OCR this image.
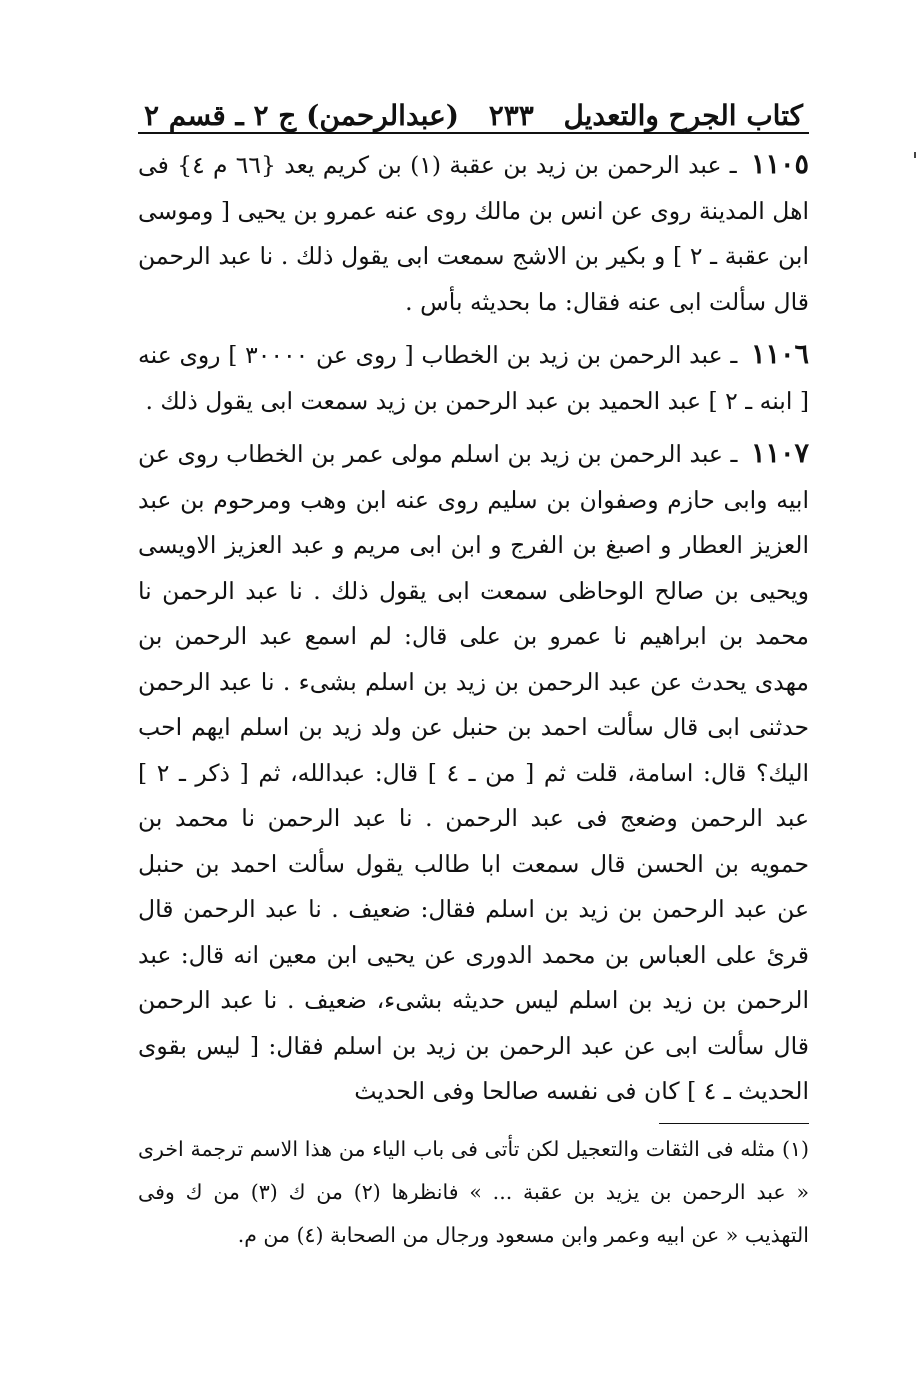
كتاب الجرح والتعديل
٢٣٣
(عبدالرحمن) ج ٢ ـ قسم ٢

١١٠٥ ـ عبد الرحمن بن زيد بن عقبة (١) بن كريم يعد {٦٦ م ٤} فى اهل المدينة روى عن انس بن مالك روى عنه عمرو بن يحيى [ وموسى ابن عقبة ـ ٢ ] و بكير بن الاشج سمعت ابى يقول ذلك . نا عبد الرحمن قال سألت ابى عنه فقال: ما بحديثه بأس .

١١٠٦ ـ عبد الرحمن بن زيد بن الخطاب [ روى عن ٣٠٠٠٠ ] روى عنه [ ابنه ـ ٢ ] عبد الحميد بن عبد الرحمن بن زيد سمعت ابى يقول ذلك .

١١٠٧ ـ عبد الرحمن بن زيد بن اسلم مولى عمر بن الخطاب روى عن ابيه وابى حازم وصفوان بن سليم روى عنه ابن وهب ومرحوم بن عبد العزيز العطار و اصبغ بن الفرج و ابن ابى مريم و عبد العزيز الاويسى ويحيى بن صالح الوحاظى سمعت ابى يقول ذلك . نا عبد الرحمن نا محمد بن ابراهيم نا عمرو بن على قال: لم اسمع عبد الرحمن بن مهدى يحدث عن عبد الرحمن بن زيد بن اسلم بشىء . نا عبد الرحمن حدثنى ابى قال سألت احمد بن حنبل عن ولد زيد بن اسلم ايهم احب اليك؟ قال: اسامة، قلت ثم [ من ـ ٤ ] قال: عبدالله، ثم [ ذكر ـ ٢ ] عبد الرحمن وضعج فى عبد الرحمن . نا عبد الرحمن نا محمد بن حمويه بن الحسن قال سمعت ابا طالب يقول سألت احمد بن حنبل عن عبد الرحمن بن زيد بن اسلم فقال: ضعيف . نا عبد الرحمن قال قرئ على العباس بن محمد الدورى عن يحيى ابن معين انه قال: عبد الرحمن بن زيد بن اسلم ليس حديثه بشىء، ضعيف . نا عبد الرحمن قال سألت ابى عن عبد الرحمن بن زيد بن اسلم فقال: [ ليس بقوى الحديث ـ ٤ ] كان فى نفسه صالحا وفى الحديث

(١) مثله فى الثقات والتعجيل لكن تأتى فى باب الياء من هذا الاسم ترجمة اخرى « عبد الرحمن بن يزيد بن عقبة ... » فانظرها (٢) من ك (٣) من ك وفى التهذيب « عن ابيه وعمر وابن مسعود ورجال من الصحابة (٤) من م.
